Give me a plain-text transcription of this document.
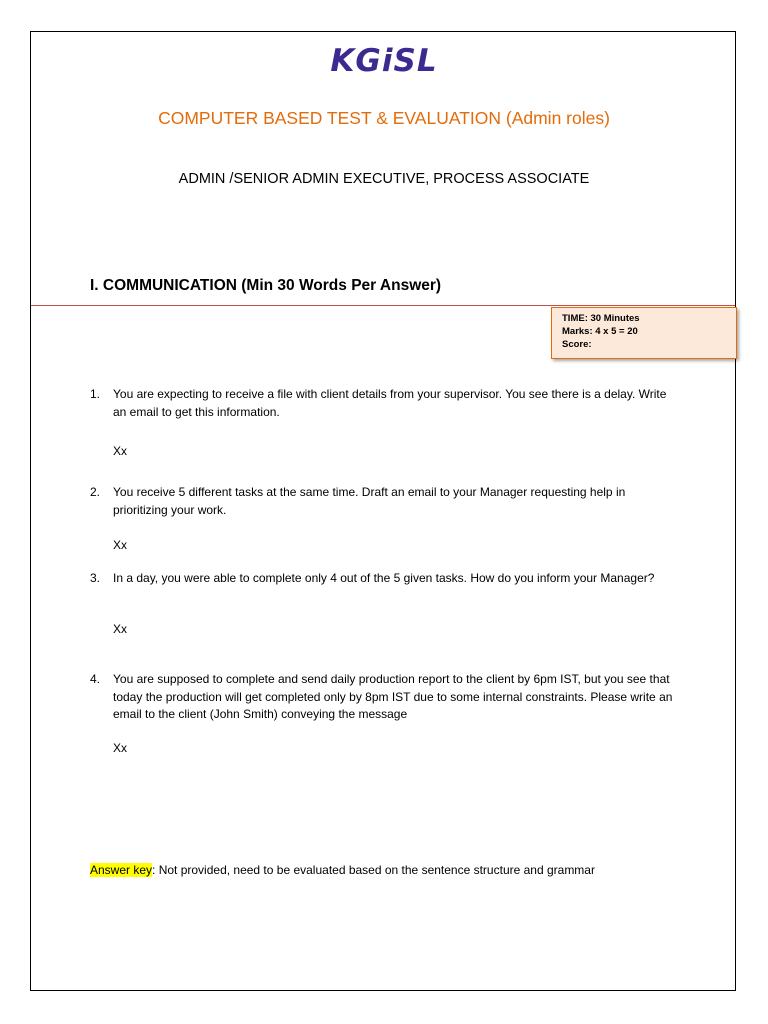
KGiSL
COMPUTER BASED TEST & EVALUATION (Admin roles)
ADMIN /SENIOR ADMIN EXECUTIVE, PROCESS ASSOCIATE
I. COMMUNICATION (Min 30 Words Per Answer)
TIME: 30 Minutes
Marks: 4 x 5 = 20
Score:
1. You are expecting to receive a file with client details from your supervisor. You see there is a delay. Write an email to get this information.
Xx
2. You receive 5 different tasks at the same time. Draft an email to your Manager requesting help in prioritizing your work.
Xx
3. In a day, you were able to complete only 4 out of the 5 given tasks. How do you inform your Manager?
Xx
4. You are supposed to complete and send daily production report to the client by 6pm IST, but you see that today the production will get completed only by 8pm IST due to some internal constraints. Please write an email to the client (John Smith) conveying the message
Xx
Answer key: Not provided, need to be evaluated based on the sentence structure and grammar
